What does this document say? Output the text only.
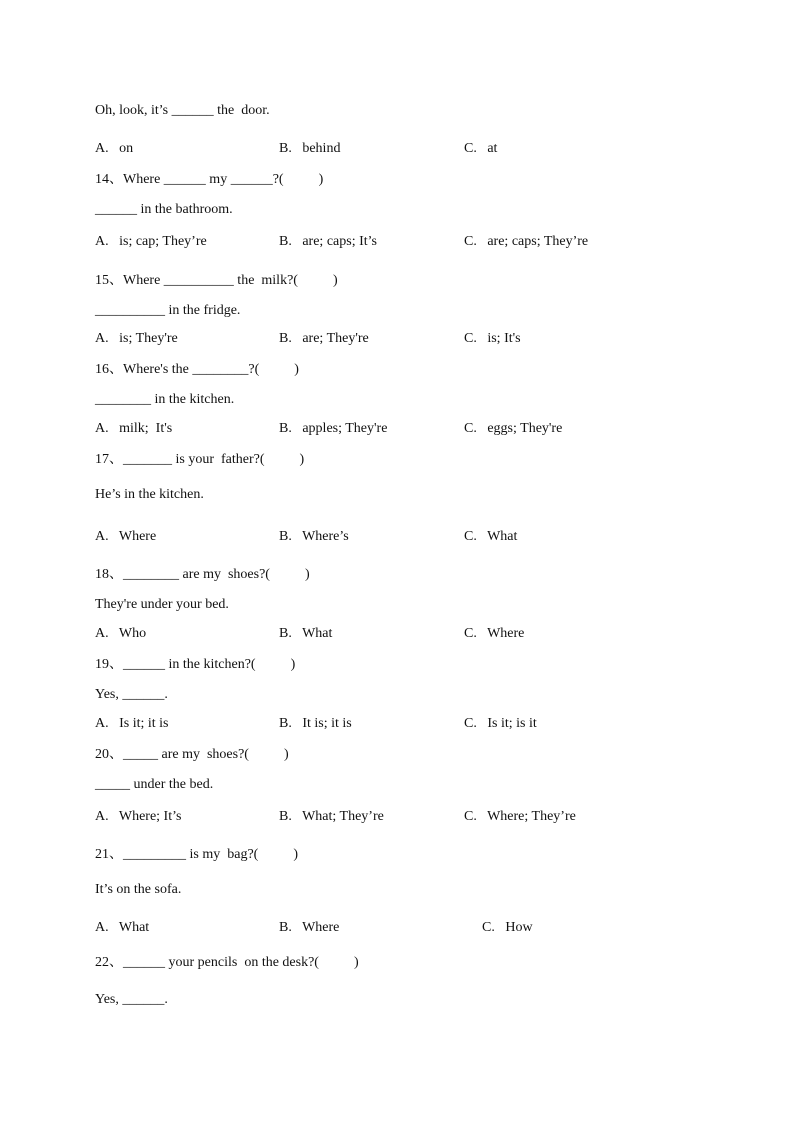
Oh, look, it’s ______ the  door.
A.   on	B.   behind	C.   at
14、Where ______ my ______?(          )
______ in the bathroom.
A.   is; cap; They’re	B.   are; caps; It’s	C.   are; caps; They’re
15、Where __________ the  milk?(          )
__________ in the fridge.
A.   is; They're	B.   are; They're	C.   is; It's
16、Where's the ________?(          )
________ in the kitchen.
A.   milk;  It's	B.   apples; They're	C.   eggs; They're
17、_______ is your  father?(          )
He’s in the kitchen.
A.   Where	B.   Where’s	C.   What
18、________ are my  shoes?(          )
They're under your bed.
A.   Who	B.   What	C.   Where
19、______ in the kitchen?(          )
Yes, ______.
A.   Is it; it is	B.   It is; it is	C.   Is it; is it
20、_____ are my  shoes?(          )
_____ under the bed.
A.   Where; It’s	B.   What; They’re	C.   Where; They’re
21、_________ is my  bag?(          )
It’s on the sofa.
A.   What	B.   Where	C.   How
22、______ your pencils  on the desk?(          )
Yes, ______.
